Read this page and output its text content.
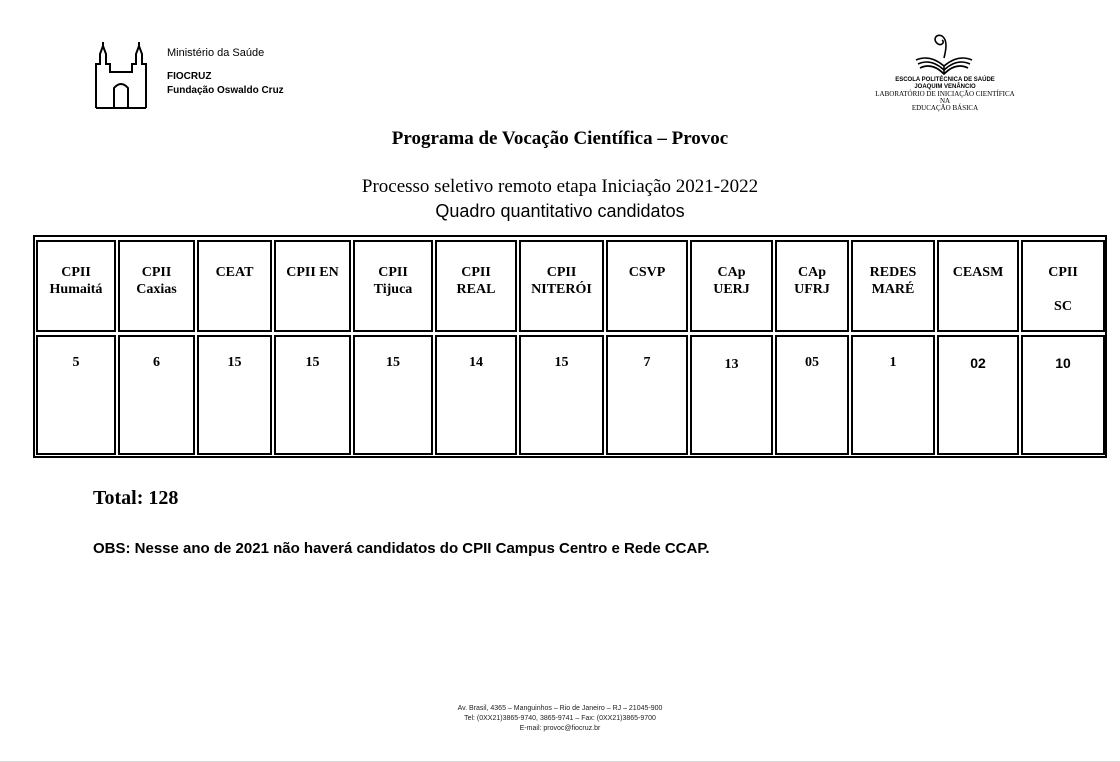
Ministério da Saúde
FIOCRUZ
Fundação Oswaldo Cruz
ESCOLA POLITÉCNICA DE SAÚDE
JOAQUIM VENÂNCIO
LABORATÓRIO DE INICIAÇÃO CIENTÍFICA
NA
EDUCAÇÃO BÁSICA
Programa de Vocação Científica – Provoc
Processo seletivo remoto etapa Iniciação 2021-2022
Quadro quantitativo candidatos
CPII
Humaitá
5
CPII
Caxias
6
CEAT
15
CPII EN
15
CPII
Tijuca
15
CPII
REAL
14
CPII
NITERÓI
15
CSVP
7
CAp
UERJ
13
CAp
UFRJ
05
REDES
MARÉ
1
CEASM
02
CPII
SC
10
Total: 128
OBS: Nesse ano de 2021 não haverá candidatos do CPII Campus Centro e Rede CCAP.
Av. Brasil, 4365 – Manguinhos – Rio de Janeiro – RJ – 21045-900
Tel: (0XX21)3865-9740, 3865-9741 – Fax: (0XX21)3865-9700
E-mail: provoc@fiocruz.br
